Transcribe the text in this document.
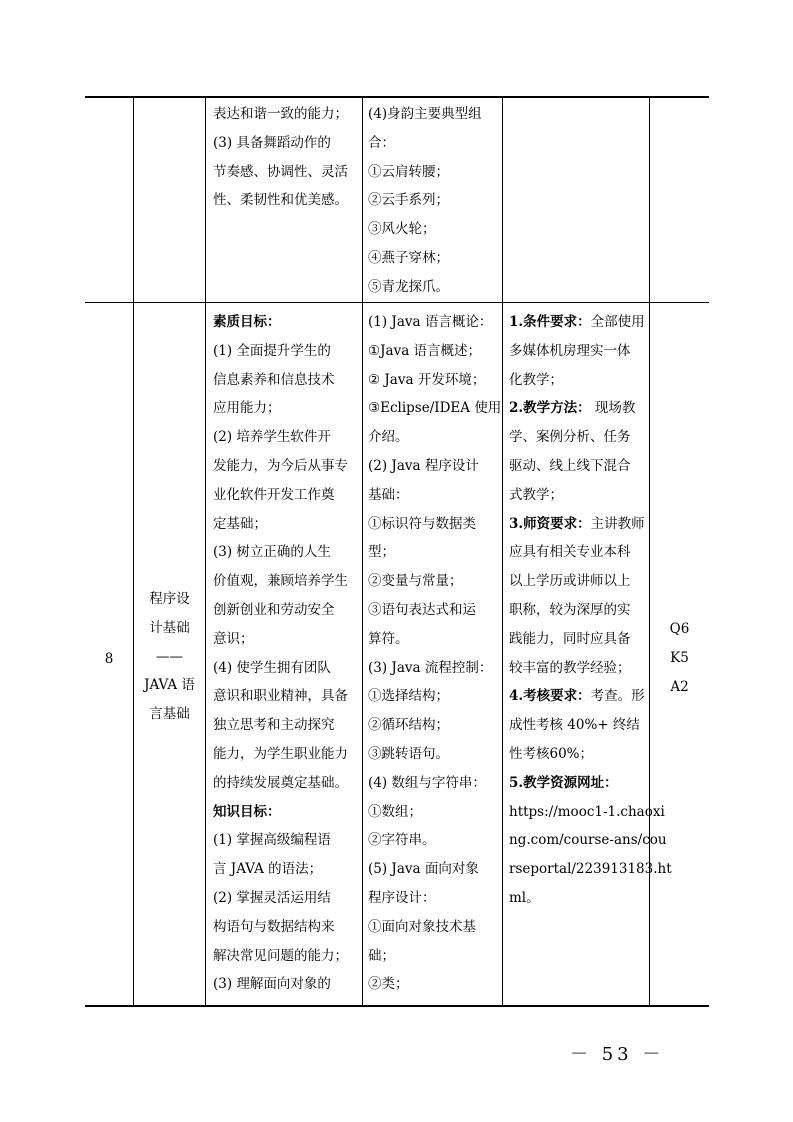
表达和谐一致的能力；
(3) 具备舞蹈动作的
节奏感、协调性、灵活
性、柔韧性和优美感。
(4)身韵主要典型组
合：
①云肩转腰；
②云手系列；
③风火轮；
④燕子穿林；
⑤青龙探爪。
8
程序设
计基础
——
JAVA 语
言基础
素质目标：
(1) 全面提升学生的
信息素养和信息技术
应用能力；
(2) 培养学生软件开
发能力，为今后从事专
业化软件开发工作奠
定基础；
(3) 树立正确的人生
价值观，兼顾培养学生
创新创业和劳动安全
意识；
(4) 使学生拥有团队
意识和职业精神，具备
独立思考和主动探究
能力，为学生职业能力
的持续发展奠定基础。
知识目标：
(1) 掌握高级编程语
言 JAVA 的语法；
(2) 掌握灵活运用结
构语句与数据结构来
解决常见问题的能力；
(3) 理解面向对象的
(1) Java 语言概论：
①Java 语言概述；
② Java 开发环境；
③Eclipse/IDEA 使用
介绍。
(2) Java 程序设计
基础：
①标识符与数据类
型；
②变量与常量；
③语句表达式和运
算符。
(3) Java 流程控制：
①选择结构；
②循环结构；
③跳转语句。
(4) 数组与字符串：
①数组；
②字符串。
(5) Java 面向对象
程序设计：
①面向对象技术基
础；
②类；
1.条件要求：全部使用
多媒体机房理实一体
化教学；
2.教学方法： 现场教
学、案例分析、任务
驱动、线上线下混合
式教学；
3.师资要求：主讲教师
应具有相关专业本科
以上学历或讲师以上
职称，较为深厚的实
践能力，同时应具备
较丰富的教学经验；
4.考核要求：考查。形
成性考核 40%+ 终结
性考核60%；
5.教学资源网址：
https://mooc1-1.chaoxi
ng.com/course-ans/cou
rseportal/223913183.ht
ml。
Q6
K5
A2
－ 53 －
